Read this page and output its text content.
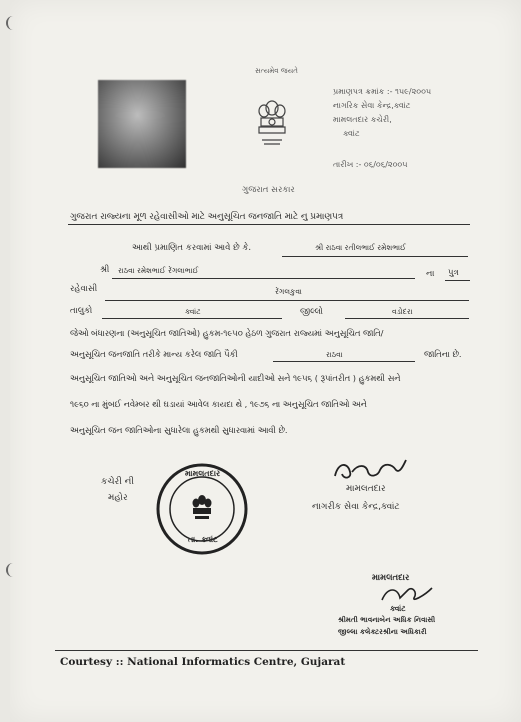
સત્યમેવ જયતે
પ્રમાણપત્ર ક્રમાંક :- ૧૫૯/૨૦૦૫
નાગરિક સેવા કેન્દ્ર,ક્વાંટ
મામલતદાર કચેરી,
ક્વાંટ
તારીખ :- ૦૬/૦૬/૨૦૦૫
ગુજરાત સરકાર
ગુજરાત રાજ્યના મૂળ રહેવાસીઓ માટે અનુસૂચિત જનજાતિ માટે નુ પ્રમાણપત્ર
આથી પ્રમાણિત કરવામાં આવે છે કે.	શ્રી રાઠવા રતીલભાઈ રમેશભાઈ
શ્રી રાઠવા રમેશભાઈ રેંગલાભાઈ	ના પુત્ર
રહેવાસી	રેંગલકુવા
તાલુકો	ક્વાંટ	જીલ્લો	વડોદરા
જેઓ બંધારણના (અનુસૂચિત જાતિઓ) હુકમ-૧૯૫૦ હેઠળ ગુજરાત રાજ્યમાં અનુસૂચિત જાતિ/
અનુસૂચિત જનજાતિ તરીકે માન્ય કરેલ જાતિ પૈકી	રાઠવા	જાતિના છે.
અનુસૂચિત જાતિઓ અને અનુસૂચિત જનજાતિઓની યાદીઓ સને ૧૯૫૬ ( રૂપાંતરીત ) હુકમથી સને
૧૯૬૦ ના મુંબઈ નવેમ્બર થી ઘડાયાં આવેલ કાયદા થે , ૧૯૭૬ ના અનુસૂચિત જાતિઓ અને
અનુસૂચિત જન જાતિઓના સુધારેલા હુકમથી સુધારવામાં આવી છે.
કચેરી ની
મહોર
મામલતદાર
તા. ક્વાંટ
મામલતદાર
નાગરીક સેવા કેન્દ્ર,ક્વાંટ
મામલતદાર
ક્વાંટ
શ્રીમતી ભાવનાબેન અધિક નિવાસી
જીલ્લા કલેક્ટરશ્રીના અધિકારી
Courtesy :: National Informatics Centre, Gujarat
